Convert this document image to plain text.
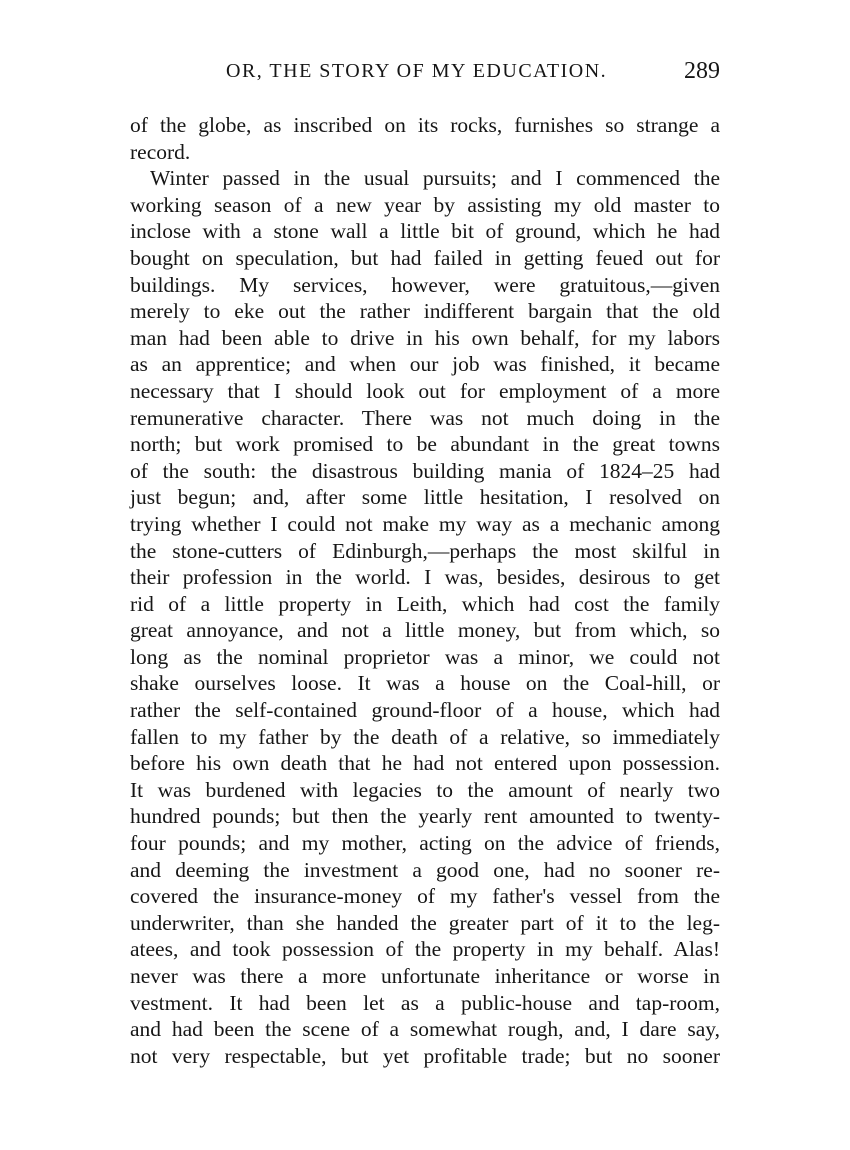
OR, THE STORY OF MY EDUCATION.	289
of the globe, as inscribed on its rocks, furnishes so strange a
record.
Winter passed in the usual pursuits; and I commenced the
working season of a new year by assisting my old master to
inclose with a stone wall a little bit of ground, which he had
bought on speculation, but had failed in getting feued out for
buildings. My services, however, were gratuitous,—given
merely to eke out the rather indifferent bargain that the old
man had been able to drive in his own behalf, for my labors
as an apprentice; and when our job was finished, it became
necessary that I should look out for employment of a more
remunerative character. There was not much doing in the
north; but work promised to be abundant in the great towns
of the south: the disastrous building mania of 1824–25 had
just begun; and, after some little hesitation, I resolved on
trying whether I could not make my way as a mechanic among
the stone-cutters of Edinburgh,—perhaps the most skilful in
their profession in the world. I was, besides, desirous to get
rid of a little property in Leith, which had cost the family
great annoyance, and not a little money, but from which, so
long as the nominal proprietor was a minor, we could not
shake ourselves loose. It was a house on the Coal-hill, or
rather the self-contained ground-floor of a house, which had
fallen to my father by the death of a relative, so immediately
before his own death that he had not entered upon possession.
It was burdened with legacies to the amount of nearly two
hundred pounds; but then the yearly rent amounted to twenty-
four pounds; and my mother, acting on the advice of friends,
and deeming the investment a good one, had no sooner re-
covered the insurance-money of my father's vessel from the
underwriter, than she handed the greater part of it to the leg-
atees, and took possession of the property in my behalf. Alas!
never was there a more unfortunate inheritance or worse in
vestment. It had been let as a public-house and tap-room,
and had been the scene of a somewhat rough, and, I dare say,
not very respectable, but yet profitable trade; but no sooner
